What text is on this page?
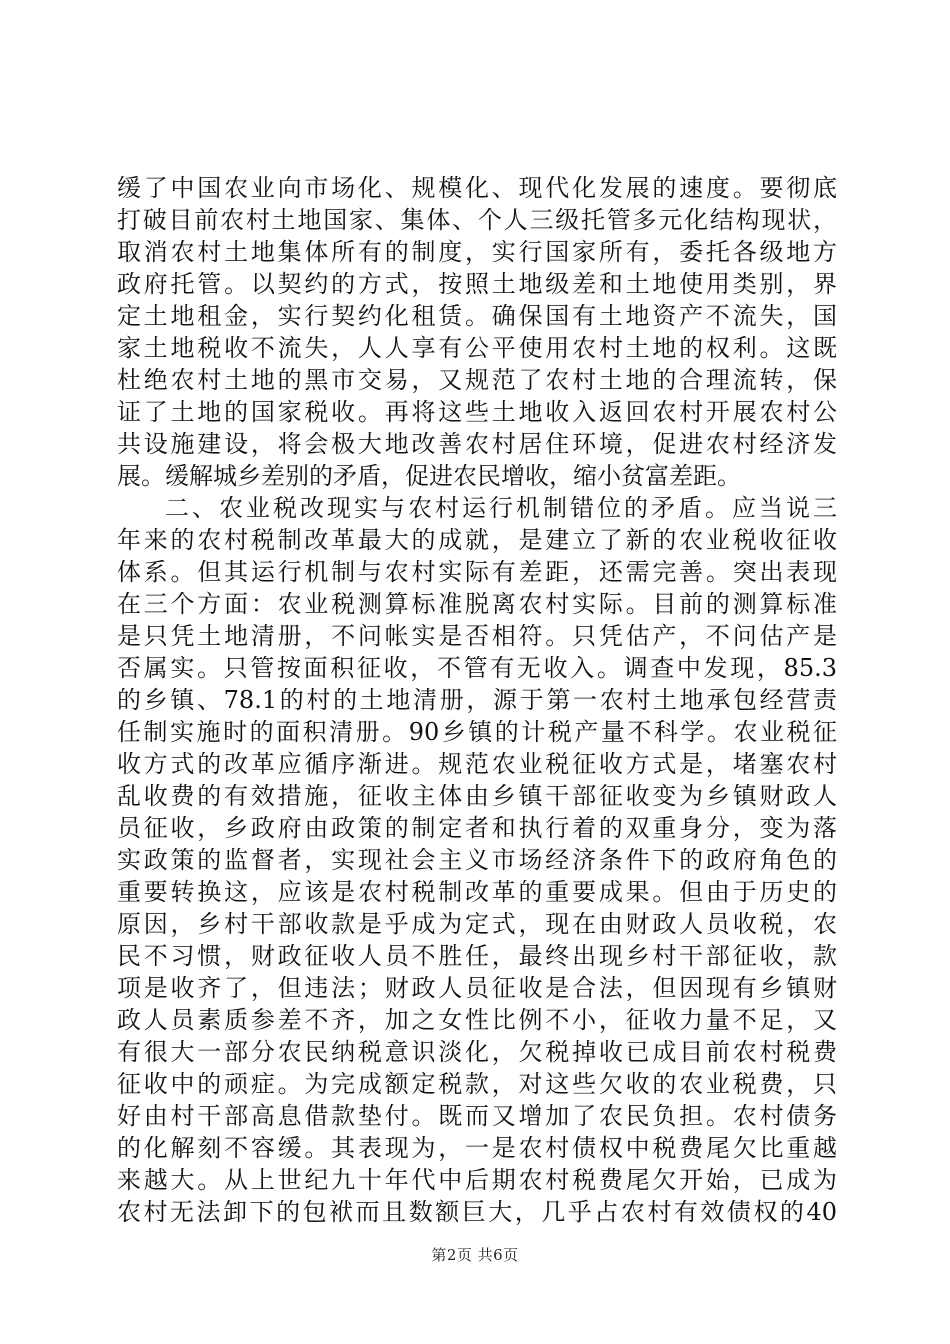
缓了中国农业向市场化、规模化、现代化发展的速度。要彻底
打破目前农村土地国家、集体、个人三级托管多元化结构现状，
取消农村土地集体所有的制度，实行国家所有，委托各级地方
政府托管。以契约的方式，按照土地级差和土地使用类别，界
定土地租金，实行契约化租赁。确保国有土地资产不流失，国
家土地税收不流失，人人享有公平使用农村土地的权利。这既
杜绝农村土地的黑市交易，又规范了农村土地的合理流转，保
证了土地的国家税收。再将这些土地收入返回农村开展农村公
共设施建设，将会极大地改善农村居住环境，促进农村经济发
展。缓解城乡差别的矛盾，促进农民增收，缩小贫富差距。
二、农业税改现实与农村运行机制错位的矛盾。应当说三
年来的农村税制改革最大的成就，是建立了新的农业税收征收
体系。但其运行机制与农村实际有差距，还需完善。突出表现
在三个方面：农业税测算标准脱离农村实际。目前的测算标准
是只凭土地清册，不问帐实是否相符。只凭估产，不问估产是
否属实。只管按面积征收，不管有无收入。调查中发现，85.3
的乡镇、78.1的村的土地清册，源于第一农村土地承包经营责
任制实施时的面积清册。90乡镇的计税产量不科学。农业税征
收方式的改革应循序渐进。规范农业税征收方式是，堵塞农村
乱收费的有效措施，征收主体由乡镇干部征收变为乡镇财政人
员征收，乡政府由政策的制定者和执行着的双重身分，变为落
实政策的监督者，实现社会主义市场经济条件下的政府角色的
重要转换这，应该是农村税制改革的重要成果。但由于历史的
原因，乡村干部收款是乎成为定式，现在由财政人员收税，农
民不习惯，财政征收人员不胜任，最终出现乡村干部征收，款
项是收齐了，但违法；财政人员征收是合法，但因现有乡镇财
政人员素质参差不齐，加之女性比例不小，征收力量不足，又
有很大一部分农民纳税意识淡化，欠税掉收已成目前农村税费
征收中的顽症。为完成额定税款，对这些欠收的农业税费，只
好由村干部高息借款垫付。既而又增加了农民负担。农村债务
的化解刻不容缓。其表现为，一是农村债权中税费尾欠比重越
来越大。从上世纪九十年代中后期农村税费尾欠开始，已成为
农村无法卸下的包袱而且数额巨大，几乎占农村有效债权的40
第2页 共6页
